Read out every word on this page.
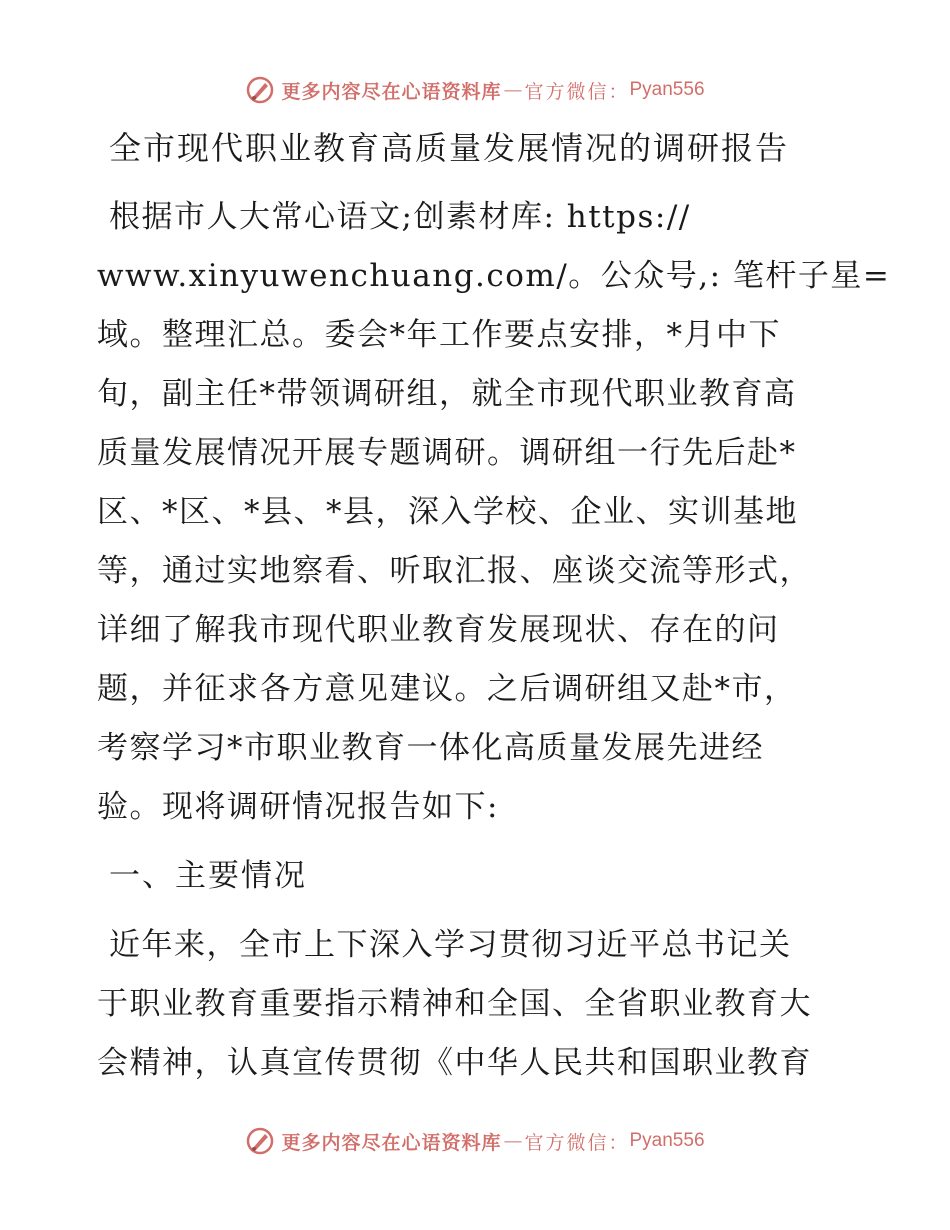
更多内容尽在心语资料库 — 官方微信： Pyan556
全市现代职业教育高质量发展情况的调研报告
根据市人大常心语文;创素材库: https://
www.xinyuwenchuang.com/。公众号,: 笔杆子星=
域。整理汇总。委会*年工作要点安排，*月中下
旬，副主任*带领调研组，就全市现代职业教育高
质量发展情况开展专题调研。调研组一行先后赴*
区、*区、*县、*县，深入学校、企业、实训基地
等，通过实地察看、听取汇报、座谈交流等形式，
详细了解我市现代职业教育发展现状、存在的问
题，并征求各方意见建议。之后调研组又赴*市，
考察学习*市职业教育一体化高质量发展先进经
验。现将调研情况报告如下:
一、主要情况
近年来，全市上下深入学习贯彻习近平总书记关
于职业教育重要指示精神和全国、全省职业教育大
会精神，认真宣传贯彻《中华人民共和国职业教育
更多内容尽在心语资料库 — 官方微信： Pyan556
